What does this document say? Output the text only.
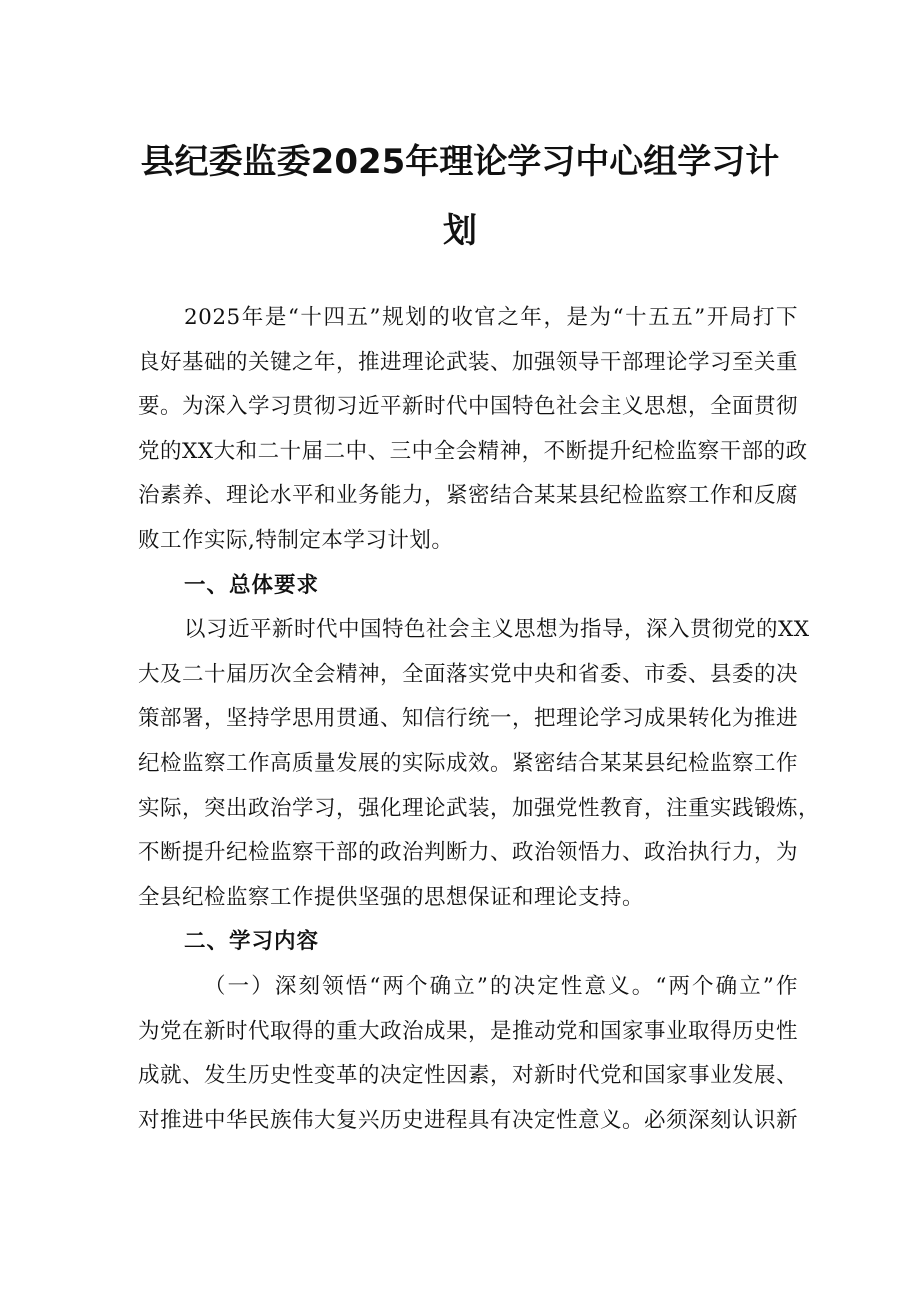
县纪委监委2025年理论学习中心组学习计
划
2025年是“十四五”规划的收官之年，是为“十五五”开局打下
良好基础的关键之年，推进理论武装、加强领导干部理论学习至关重
要。为深入学习贯彻习近平新时代中国特色社会主义思想，全面贯彻
党的XX大和二十届二中、三中全会精神，不断提升纪检监察干部的政
治素养、理论水平和业务能力，紧密结合某某县纪检监察工作和反腐
败工作实际,特制定本学习计划。
一、总体要求
以习近平新时代中国特色社会主义思想为指导，深入贯彻党的XX
大及二十届历次全会精神，全面落实党中央和省委、市委、县委的决
策部署，坚持学思用贯通、知信行统一，把理论学习成果转化为推进
纪检监察工作高质量发展的实际成效。紧密结合某某县纪检监察工作
实际，突出政治学习，强化理论武装，加强党性教育，注重实践锻炼，
不断提升纪检监察干部的政治判断力、政治领悟力、政治执行力，为
全县纪检监察工作提供坚强的思想保证和理论支持。
二、学习内容
（一）深刻领悟“两个确立”的决定性意义。“两个确立”作
为党在新时代取得的重大政治成果，是推动党和国家事业取得历史性
成就、发生历史性变革的决定性因素，对新时代党和国家事业发展、
对推进中华民族伟大复兴历史进程具有决定性意义。必须深刻认识新
